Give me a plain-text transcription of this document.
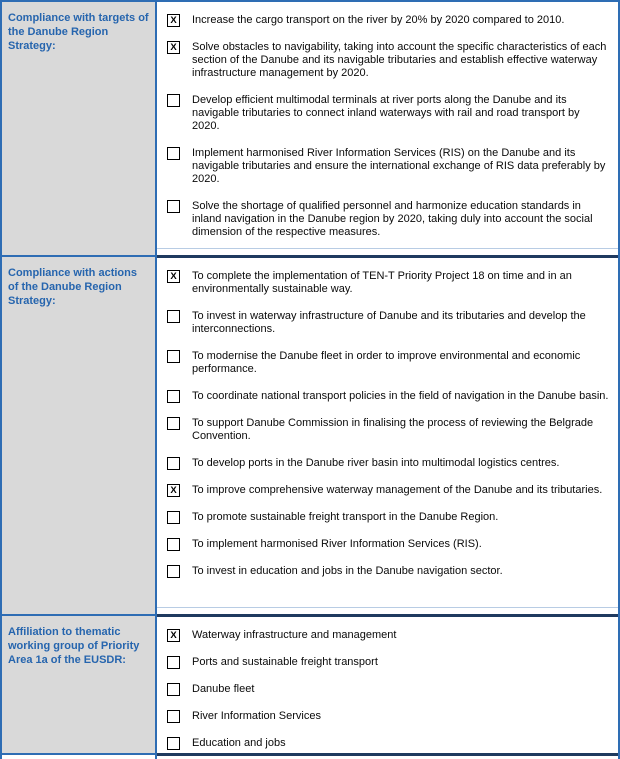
Compliance with targets of the Danube Region Strategy:
X Increase the cargo transport on the river by 20% by 2020 compared to 2010.
X Solve obstacles to navigability, taking into account the specific characteristics of each section of the Danube and its navigable tributaries and establish effective waterway infrastructure management by 2020.
Develop efficient multimodal terminals at river ports along the Danube and its navigable tributaries to connect inland waterways with rail and road transport by 2020.
Implement harmonised River Information Services (RIS) on the Danube and its navigable tributaries and ensure the international exchange of RIS data preferably by 2020.
Solve the shortage of qualified personnel and harmonize education standards in inland navigation in the Danube region by 2020, taking duly into account the social dimension of the respective measures.
Compliance with actions of the Danube Region Strategy:
X To complete the implementation of TEN-T Priority Project 18 on time and in an environmentally sustainable way.
To invest in waterway infrastructure of Danube and its tributaries and develop the interconnections.
To modernise the Danube fleet in order to improve environmental and economic performance.
To coordinate national transport policies in the field of navigation in the Danube basin.
To support Danube Commission in finalising the process of reviewing the Belgrade Convention.
To develop ports in the Danube river basin into multimodal logistics centres.
X To improve comprehensive waterway management of the Danube and its tributaries.
To promote sustainable freight transport in the Danube Region.
To implement harmonised River Information Services (RIS).
To invest in education and jobs in the Danube navigation sector.
Affiliation to thematic working group of Priority Area 1a of the EUSDR:
X Waterway infrastructure and management
Ports and sustainable freight transport
Danube fleet
River Information Services
Education and jobs
